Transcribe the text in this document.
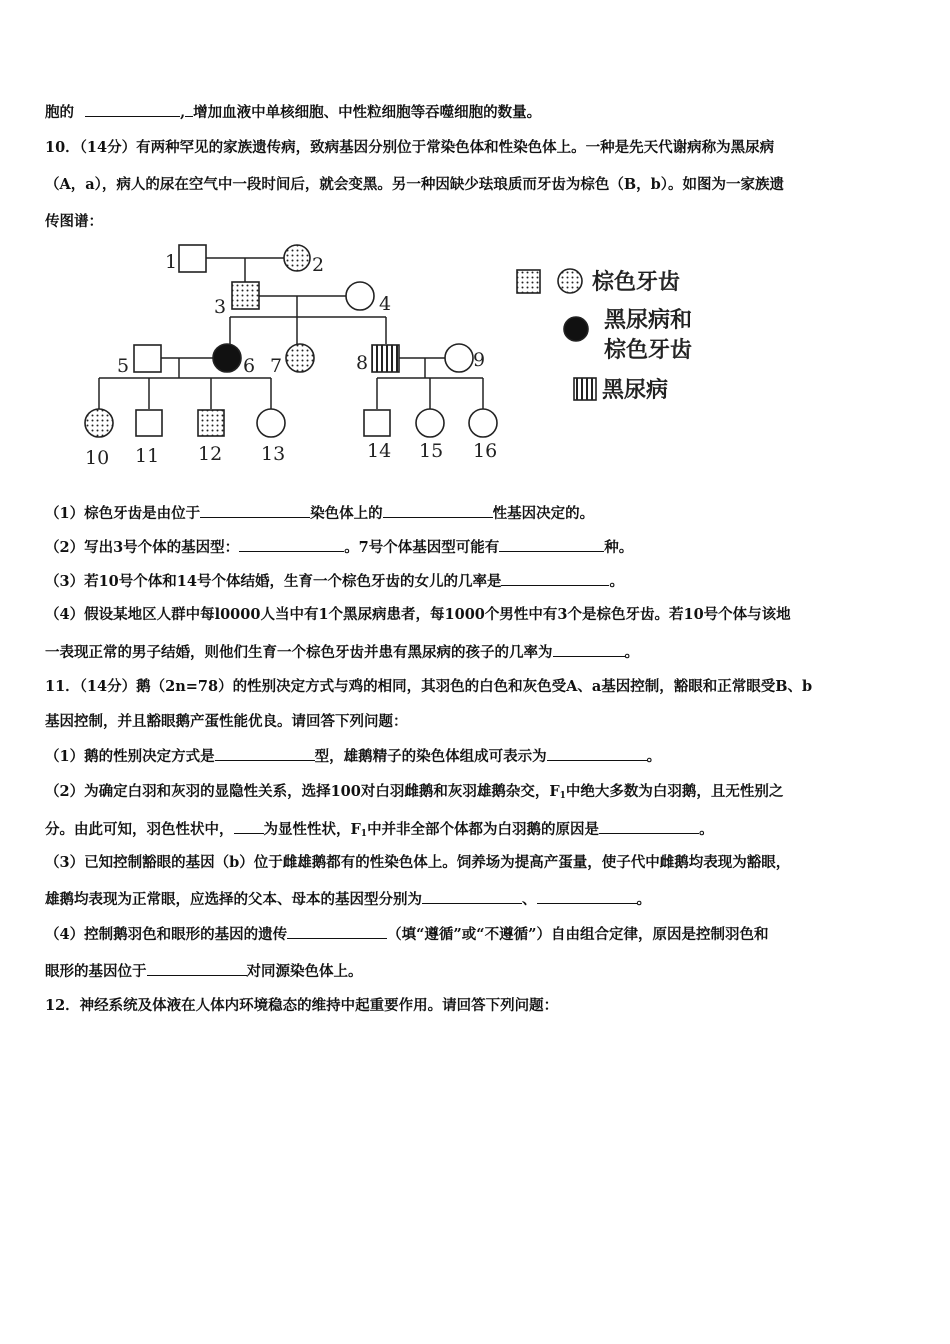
胞的	, 增加血液中单核细胞、中性粒细胞等吞噬细胞的数量。
10．（14分）有两种罕见的家族遗传病，致病基因分别位于常染色体和性染色体上。一种是先天代谢病称为黑尿病
（A，a），病人的尿在空气中一段时间后，就会变黑。另一种因缺少珐琅质而牙齿为棕色（B，b）。如图为一家族遗
传图谱：
1	2
3	4
5	6 7	8	9
10 11 12 13	14 15 16
棕色牙齿
黑尿病和
棕色牙齿
黑尿病
（1）棕色牙齿是由位于	染色体上的	性基因决定的。
（2）写出3号个体的基因型：	。7号个体基因型可能有	种。
（3）若10号个体和14号个体结婚，生育一个棕色牙齿的女儿的几率是	。
（4）假设某地区人群中每l0000人当中有1个黑尿病患者，每1000个男性中有3个是棕色牙齿。若10号个体与该地
一表现正常的男子结婚，则他们生育一个棕色牙齿并患有黑尿病的孩子的几率为	。
11．（14分）鹅（2n=78）的性别决定方式与鸡的相同，其羽色的白色和灰色受A、a基因控制，豁眼和正常眼受B、b
基因控制，并且豁眼鹅产蛋性能优良。请回答下列问题：
（1）鹅的性别决定方式是	型，雄鹅精子的染色体组成可表示为	。
（2）为确定白羽和灰羽的显隐性关系，选择100对白羽雌鹅和灰羽雄鹅杂交，$F_1$中绝大多数为白羽鹅，且无性别之
分。由此可知，羽色性状中， 为显性性状，$F_1$中并非全部个体都为白羽鹅的原因是	。
（3）已知控制豁眼的基因（b）位于雌雄鹅都有的性染色体上。饲养场为提高产蛋量，使子代中雌鹅均表现为豁眼，
雄鹅均表现为正常眼，应选择的父本、母本的基因型分别为	、	。
（4）控制鹅羽色和眼形的基因的遗传	（填“遵循”或“不遵循”）自由组合定律，原因是控制羽色和
眼形的基因位于	对同源染色体上。
12．神经系统及体液在人体内环境稳态的维持中起重要作用。请回答下列问题：
